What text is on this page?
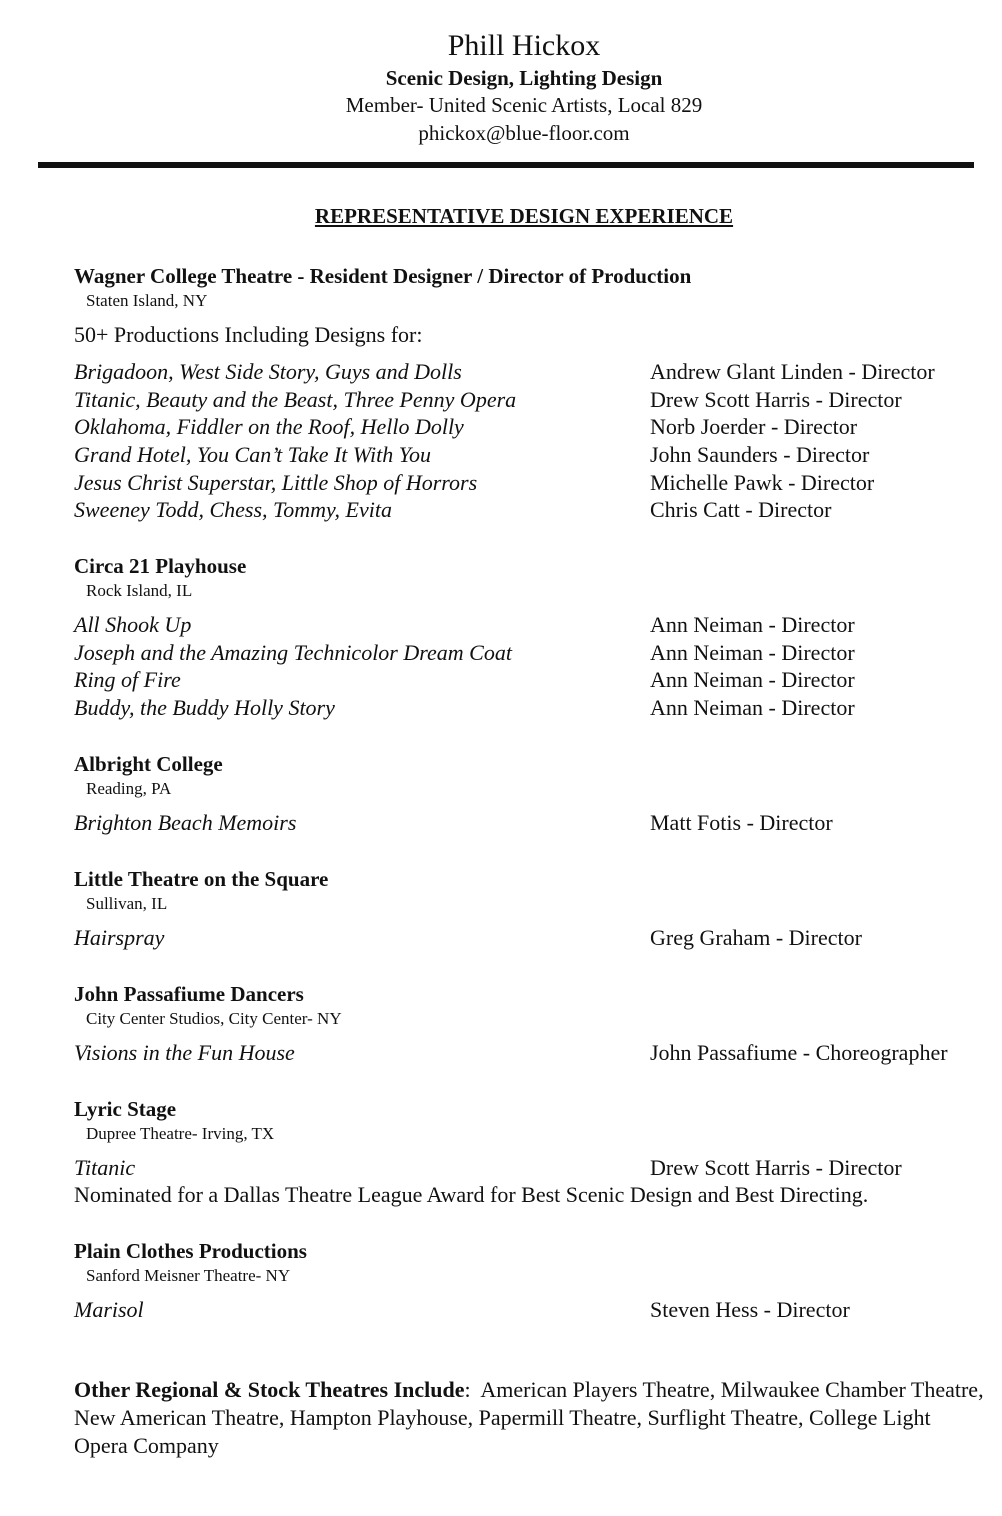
Phill Hickox
Scenic Design, Lighting Design
Member- United Scenic Artists, Local 829
phickox@blue-floor.com
REPRESENTATIVE DESIGN EXPERIENCE
Wagner College Theatre - Resident Designer / Director of Production
Staten Island, NY
50+ Productions Including Designs for:
Brigadoon, West Side Story, Guys and Dolls	Andrew Glant Linden - Director
Titanic, Beauty and the Beast, Three Penny Opera	Drew Scott Harris - Director
Oklahoma, Fiddler on the Roof, Hello Dolly	Norb Joerder - Director
Grand Hotel, You Can’t Take It With You	John Saunders - Director
Jesus Christ Superstar, Little Shop of Horrors	Michelle Pawk - Director
Sweeney Todd, Chess, Tommy, Evita	Chris Catt - Director
Circa 21 Playhouse
Rock Island, IL
All Shook Up	Ann Neiman - Director
Joseph and the Amazing Technicolor Dream Coat	Ann Neiman - Director
Ring of Fire	Ann Neiman - Director
Buddy, the Buddy Holly Story	Ann Neiman - Director
Albright College
Reading, PA
Brighton Beach Memoirs	Matt Fotis - Director
Little Theatre on the Square
Sullivan, IL
Hairspray	Greg Graham - Director
John Passafiume Dancers
City Center Studios, City Center- NY
Visions in the Fun House	John Passafiume - Choreographer
Lyric Stage
Dupree Theatre- Irving, TX
Titanic	Drew Scott Harris - Director
Nominated for a Dallas Theatre League Award for Best Scenic Design and Best Directing.
Plain Clothes Productions
Sanford Meisner Theatre- NY
Marisol	Steven Hess - Director
Other Regional & Stock Theatres Include:  American Players Theatre, Milwaukee Chamber Theatre, New American Theatre, Hampton Playhouse, Papermill Theatre, Surflight Theatre, College Light Opera Company
